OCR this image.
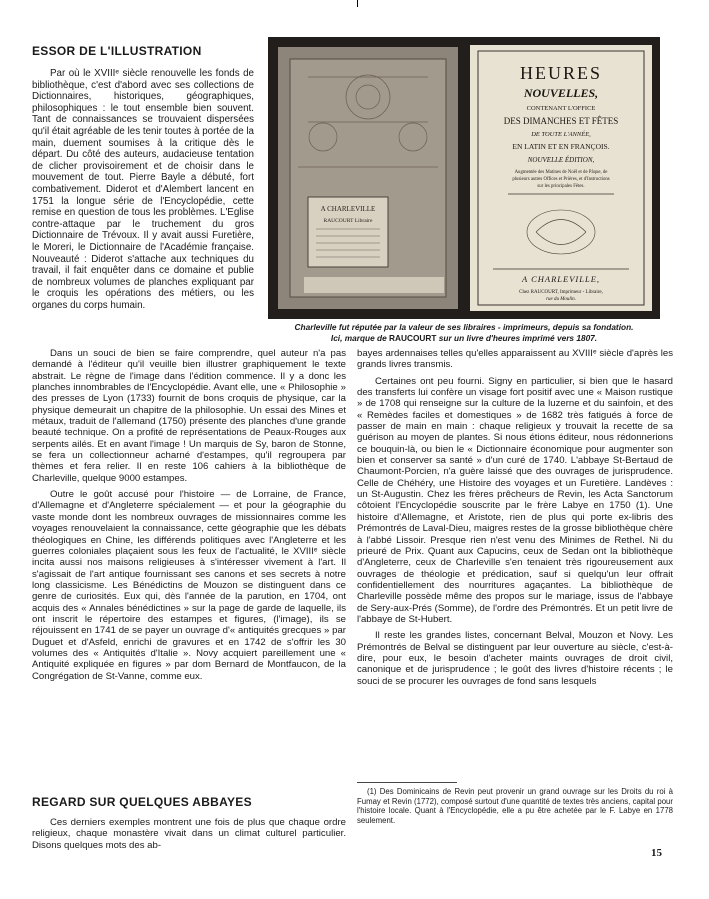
ESSOR DE L'ILLUSTRATION

Par où le XVIIIᵉ siècle renouvelle les fonds de bibliothèque, c'est d'abord avec ses collections de Dictionnaires, historiques, géographiques, philosophiques : le tout ensemble bien souvent. Tant de connaissances se trouvaient dispersées qu'il était agréable de les tenir toutes à portée de la main, duement soumises à la critique dès le départ. Du côté des auteurs, audacieuse tentation de clicher provisoirement et de choisir dans le mouvement de tout. Pierre Bayle a débuté, fort combativement. Diderot et d'Alembert lancent en 1751 la longue série de l'Encyclopédie, cette remise en question de tous les problèmes. L'Eglise contre-attaque par le truchement du gros Dictionnaire de Trévoux. Il y avait aussi Furetière, le Moreri, le Dictionnaire de l'Académie française. Nouveauté : Diderot s'attache aux techniques du travail, il fait enquêter dans ce domaine et publie de nombreux volumes de planches expliquant par le croquis les opérations des métiers, ou les organes du corps humain.

A CHARLEVILLE
RAUCOURT Libraire
HEURES
NOUVELLES,
CONTENANT L'OFFICE
DES DIMANCHES ET FÊTES
DE TOUTE L'ANNÉE,
EN LATIN ET EN FRANÇOIS.
NOUVELLE ÉDITION,
Augmentée des Matines de Noël et de Pâque, de
plusieurs autres Offices et Prières, et d'Instructions
sur les principales Fêtes.
A CHARLEVILLE,
Chez RAUCOURT, Imprimeur - Libraire,
rue du Moulin.
Charleville fut réputée par la valeur de ses libraires - imprimeurs, depuis sa fondation.
Ici, marque de RAUCOURT sur un livre d'heures imprimé vers 1807.

Dans un souci de bien se faire comprendre, quel auteur n'a pas demandé à l'éditeur qu'il veuille bien illustrer graphiquement le texte abstrait. Le règne de l'image dans l'édition commence. Il y a donc les planches innombrables de l'Encyclopédie. Avant elle, une « Philosophie » des presses de Lyon (1733) fournit de bons croquis de physique, car la physique demeurait un chapitre de la philosophie. Un essai des Mines et métaux, traduit de l'allemand (1750) présente des planches d'une grande beauté technique. On a profité de représentations de Peaux-Rouges aux serpents ailés. Et en avant l'image ! Un marquis de Sy, baron de Stonne, se fera un collectionneur acharné d'estampes, qu'il regroupera par thèmes et fera relier. Il en reste 106 cahiers à la bibliothèque de Charleville, quelque 9000 estampes.

Outre le goût accusé pour l'histoire — de Lorraine, de France, d'Allemagne et d'Angleterre spécialement — et pour la géographie du vaste monde dont les nombreux ouvrages de missionnaires comme les voyages renouvelaient la connaissance, cette géographie que les débats théologiques en Chine, les différends politiques avec l'Angleterre et les guerres coloniales plaçaient sous les feux de l'actualité, le XVIIIᵉ siècle incita aussi nos maisons religieuses à s'intéresser vivement à l'art. Il s'agissait de l'art antique fournissant ses canons et ses secrets à notre long classicisme. Les Bénédictins de Mouzon se distinguent dans ce genre de curiosités. Eux qui, dès l'année de la parution, en 1704, ont acquis des « Annales bénédictines » sur la page de garde de laquelle, ils ont inscrit le répertoire des estampes et figures, (l'image), ils se réjouissent en 1741 de se payer un ouvrage d'« antiquités grecques » par Duguet et d'Asfeld, enrichi de gravures et en 1742 de s'offrir les 30 volumes des « Antiquités d'Italie ». Novy acquiert pareillement une « Antiquité expliquée en figures » par dom Bernard de Montfaucon, de la Congrégation de St-Vanne, comme eux.

REGARD SUR QUELQUES ABBAYES

Ces derniers exemples montrent une fois de plus que chaque ordre religieux, chaque monastère vivait dans un climat culturel particulier. Disons quelques mots des ab-

bayes ardennaises telles qu'elles apparaissent au XVIIIᵉ siècle d'après les grands livres transmis.

Certaines ont peu fourni. Signy en particulier, si bien que le hasard des transferts lui confère un visage fort positif avec une « Maison rustique » de 1708 qui renseigne sur la culture de la luzerne et du sainfoin, et des « Remèdes faciles et domestiques » de 1682 très fatigués à force de passer de main en main : chaque religieux y trouvait la recette de sa guérison au moyen de plantes. Si nous étions éditeur, nous rédonnerions ce bouquin-là, ou bien le « Dictionnaire économique pour augmenter son bien et conserver sa santé » d'un curé de 1740. L'abbaye St-Bertaud de Chaumont-Porcien, n'a guère laissé que des ouvrages de jurisprudence. Celle de Chéhéry, une Histoire des voyages et un Furetière. Landèves : un St-Augustin. Chez les frères prêcheurs de Revin, les Acta Sanctorum côtoient l'Encyclopédie souscrite par le frère Labye en 1750 (1). Une histoire d'Allemagne, et Aristote, rien de plus qui porte ex-libris des Prémontrés de Laval-Dieu, maigres restes de la grosse bibliothèque chère à l'abbé Lissoir. Presque rien n'est venu des Minimes de Rethel. Ni du prieuré de Prix. Quant aux Capucins, ceux de Sedan ont la bibliothèque d'Angleterre, ceux de Charleville s'en tenaient très rigoureusement aux ouvrages de théologie et prédication, sauf si quelqu'un leur offrait confidentiellement des nourritures agaçantes. La bibliothèque de Charleville possède même des propos sur le mariage, issus de l'abbaye de Sery-aux-Prés (Somme), de l'ordre des Prémontrés. Et un petit livre de l'abbaye de St-Hubert.

Il reste les grandes listes, concernant Belval, Mouzon et Novy. Les Prémontrés de Belval se distinguent par leur ouverture au siècle, c'est-à-dire, pour eux, le besoin d'acheter maints ouvrages de droit civil, canonique et de jurisprudence ; le goût des livres d'histoire récents ; le souci de se procurer les ouvrages de fond sans lesquels

(1) Des Dominicains de Revin peut provenir un grand ouvrage sur les Droits du roi à Fumay et Revin (1772), composé surtout d'une quantité de textes très anciens, capital pour l'histoire locale. Quant à l'Encyclopédie, elle a pu être achetée par le F. Labye en 1778 seulement.

15
